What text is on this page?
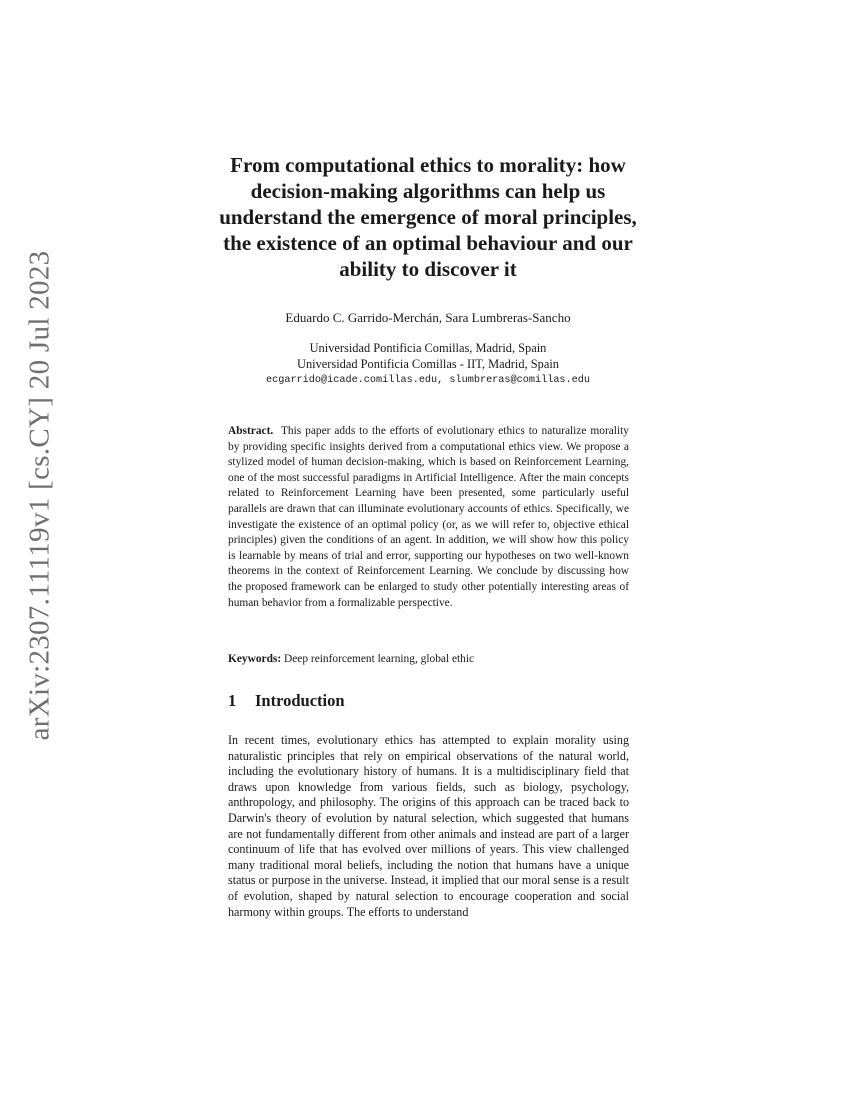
arXiv:2307.11119v1 [cs.CY] 20 Jul 2023
From computational ethics to morality: how
decision-making algorithms can help us
understand the emergence of moral principles,
the existence of an optimal behaviour and our
ability to discover it
Eduardo C. Garrido-Merchán, Sara Lumbreras-Sancho
Universidad Pontificia Comillas, Madrid, Spain
Universidad Pontificia Comillas - IIT, Madrid, Spain
ecgarrido@icade.comillas.edu, slumbreras@comillas.edu

Abstract. This paper adds to the efforts of evolutionary ethics to naturalize morality by providing specific insights derived from a computational ethics view. We propose a stylized model of human decision-making, which is based on Reinforcement Learning, one of the most successful paradigms in Artificial Intelligence. After the main concepts related to Reinforcement Learning have been presented, some particularly useful parallels are drawn that can illuminate evolutionary accounts of ethics. Specifically, we investigate the existence of an optimal policy (or, as we will refer to, objective ethical principles) given the conditions of an agent. In addition, we will show how this policy is learnable by means of trial and error, supporting our hypotheses on two well-known theorems in the context of Reinforcement Learning. We conclude by discussing how the proposed framework can be enlarged to study other potentially interesting areas of human behavior from a formalizable perspective.

Keywords: Deep reinforcement learning, global ethic

1 Introduction

In recent times, evolutionary ethics has attempted to explain morality using naturalistic principles that rely on empirical observations of the natural world, including the evolutionary history of humans. It is a multidisciplinary field that draws upon knowledge from various fields, such as biology, psychology, anthropology, and philosophy. The origins of this approach can be traced back to Darwin's theory of evolution by natural selection, which suggested that humans are not fundamentally different from other animals and instead are part of a larger continuum of life that has evolved over millions of years. This view challenged many traditional moral beliefs, including the notion that humans have a unique status or purpose in the universe. Instead, it implied that our moral sense is a result of evolution, shaped by natural selection to encourage cooperation and social harmony within groups. The efforts to understand
